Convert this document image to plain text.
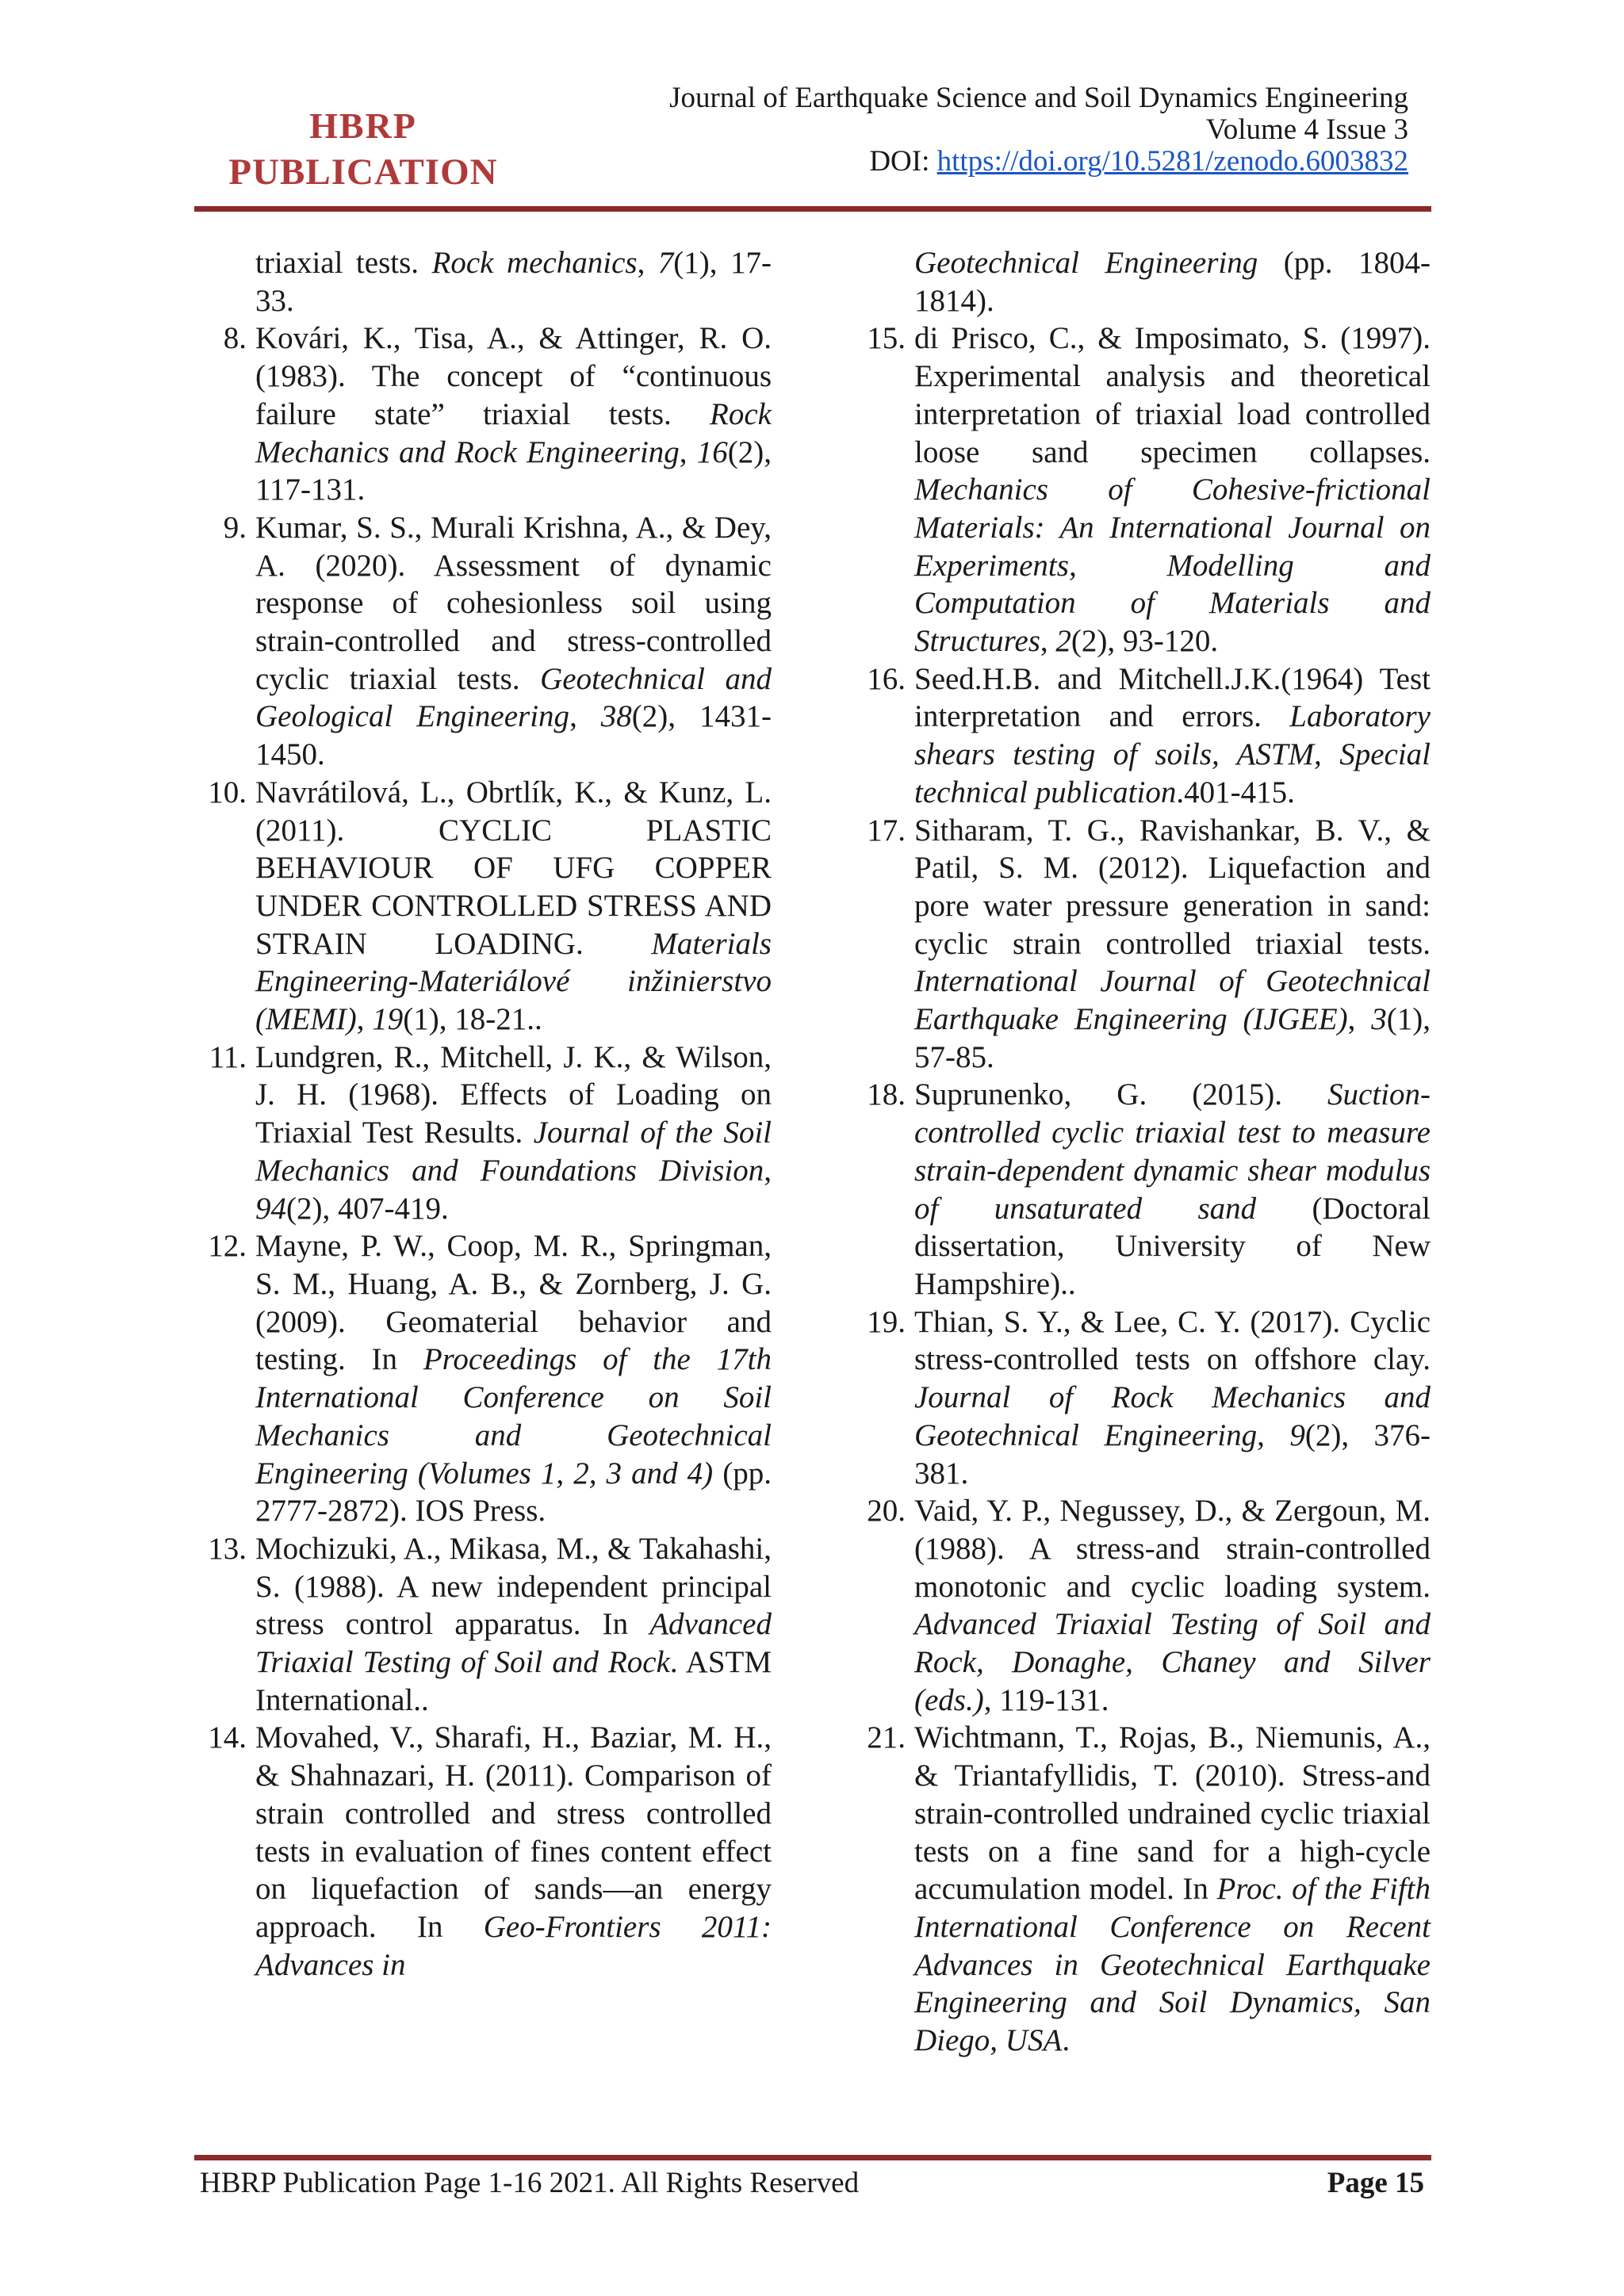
HBRP
PUBLICATION
Journal of Earthquake Science and Soil Dynamics Engineering
Volume 4 Issue 3
DOI: https://doi.org/10.5281/zenodo.6003832

triaxial tests. Rock mechanics, 7(1), 17-33.

8. Kovári, K., Tisa, A., & Attinger, R. O. (1983). The concept of “continuous failure state” triaxial tests. Rock Mechanics and Rock Engineering, 16(2), 117-131.

9. Kumar, S. S., Murali Krishna, A., & Dey, A. (2020). Assessment of dynamic response of cohesionless soil using strain-controlled and stress-controlled cyclic triaxial tests. Geotechnical and Geological Engineering, 38(2), 1431-1450.

10. Navrátilová, L., Obrtlík, K., & Kunz, L. (2011). CYCLIC PLASTIC BEHAVIOUR OF UFG COPPER UNDER CONTROLLED STRESS AND STRAIN LOADING. Materials Engineering-Materiálové inžinierstvo (MEMI), 19(1), 18-21..

11. Lundgren, R., Mitchell, J. K., & Wilson, J. H. (1968). Effects of Loading on Triaxial Test Results. Journal of the Soil Mechanics and Foundations Division, 94(2), 407-419.

12. Mayne, P. W., Coop, M. R., Springman, S. M., Huang, A. B., & Zornberg, J. G. (2009). Geomaterial behavior and testing. In Proceedings of the 17th International Conference on Soil Mechanics and Geotechnical Engineering (Volumes 1, 2, 3 and 4) (pp. 2777-2872). IOS Press.

13. Mochizuki, A., Mikasa, M., & Takahashi, S. (1988). A new independent principal stress control apparatus. In Advanced Triaxial Testing of Soil and Rock. ASTM International..

14. Movahed, V., Sharafi, H., Baziar, M. H., & Shahnazari, H. (2011). Comparison of strain controlled and stress controlled tests in evaluation of fines content effect on liquefaction of sands—an energy approach. In Geo-Frontiers 2011: Advances in

Geotechnical Engineering (pp. 1804-1814).

15. di Prisco, C., & Imposimato, S. (1997). Experimental analysis and theoretical interpretation of triaxial load controlled loose sand specimen collapses. Mechanics of Cohesive-frictional Materials: An International Journal on Experiments, Modelling and Computation of Materials and Structures, 2(2), 93-120.

16. Seed.H.B. and Mitchell.J.K.(1964) Test interpretation and errors. Laboratory shears testing of soils, ASTM, Special technical publication.401-415.

17. Sitharam, T. G., Ravishankar, B. V., & Patil, S. M. (2012). Liquefaction and pore water pressure generation in sand: cyclic strain controlled triaxial tests. International Journal of Geotechnical Earthquake Engineering (IJGEE), 3(1), 57-85.

18. Suprunenko, G. (2015). Suction-controlled cyclic triaxial test to measure strain-dependent dynamic shear modulus of unsaturated sand (Doctoral dissertation, University of New Hampshire)..

19. Thian, S. Y., & Lee, C. Y. (2017). Cyclic stress-controlled tests on offshore clay. Journal of Rock Mechanics and Geotechnical Engineering, 9(2), 376-381.

20. Vaid, Y. P., Negussey, D., & Zergoun, M. (1988). A stress-and strain-controlled monotonic and cyclic loading system. Advanced Triaxial Testing of Soil and Rock, Donaghe, Chaney and Silver (eds.), 119-131.

21. Wichtmann, T., Rojas, B., Niemunis, A., & Triantafyllidis, T. (2010). Stress-and strain-controlled undrained cyclic triaxial tests on a fine sand for a high-cycle accumulation model. In Proc. of the Fifth International Conference on Recent Advances in Geotechnical Earthquake Engineering and Soil Dynamics, San Diego, USA.

HBRP Publication Page 1-16 2021. All Rights Reserved	Page 15
